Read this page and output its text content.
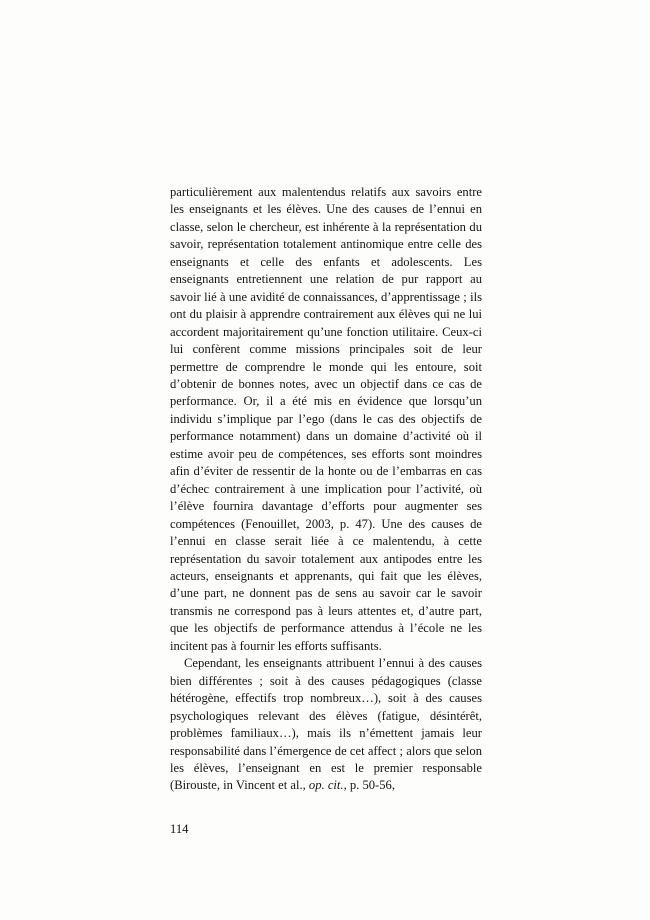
particulièrement aux malentendus relatifs aux savoirs entre les enseignants et les élèves. Une des causes de l’ennui en classe, selon le chercheur, est inhérente à la représentation du savoir, représentation totalement antinomique entre celle des enseignants et celle des enfants et adolescents. Les enseignants entretiennent une relation de pur rapport au savoir lié à une avidité de connaissances, d’apprentissage ; ils ont du plaisir à apprendre contrairement aux élèves qui ne lui accordent majoritairement qu’une fonction utilitaire. Ceux-ci lui confèrent comme missions principales soit de leur permettre de comprendre le monde qui les entoure, soit d’obtenir de bonnes notes, avec un objectif dans ce cas de performance. Or, il a été mis en évidence que lorsqu’un individu s’implique par l’ego (dans le cas des objectifs de performance notamment) dans un domaine d’activité où il estime avoir peu de compétences, ses efforts sont moindres afin d’éviter de ressentir de la honte ou de l’embarras en cas d’échec contrairement à une implication pour l’activité, où l’élève fournira davantage d’efforts pour augmenter ses compétences (Fenouillet, 2003, p. 47). Une des causes de l’ennui en classe serait liée à ce malentendu, à cette représentation du savoir totalement aux antipodes entre les acteurs, enseignants et apprenants, qui fait que les élèves, d’une part, ne donnent pas de sens au savoir car le savoir transmis ne correspond pas à leurs attentes et, d’autre part, que les objectifs de performance attendus à l’école ne les incitent pas à fournir les efforts suffisants.

Cependant, les enseignants attribuent l’ennui à des causes bien différentes ; soit à des causes pédagogiques (classe hétérogène, effectifs trop nombreux…), soit à des causes psychologiques relevant des élèves (fatigue, désintérêt, problèmes familiaux…), mais ils n’émettent jamais leur responsabilité dans l’émergence de cet affect ; alors que selon les élèves, l’enseignant en est le premier responsable (Birouste, in Vincent et al., op. cit., p. 50-56,

114
